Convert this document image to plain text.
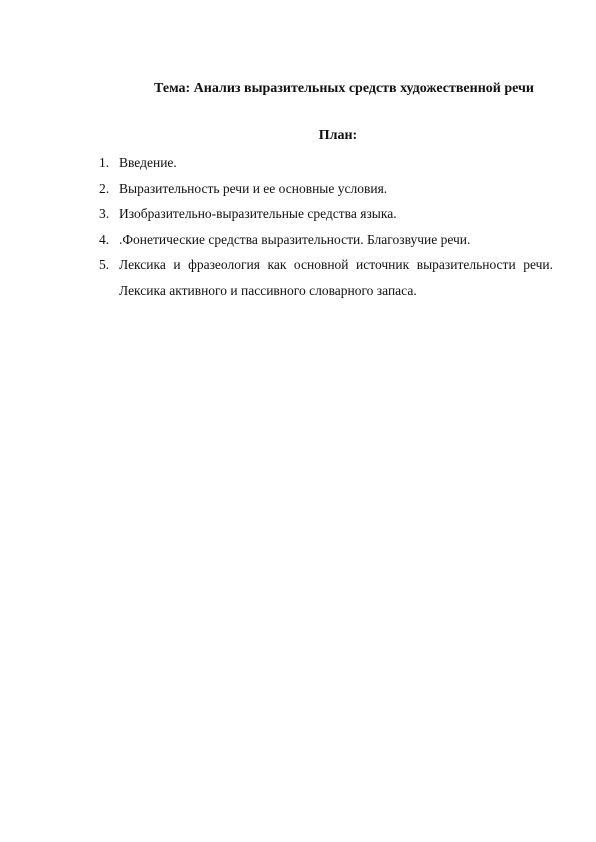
Тема: Анализ выразительных средств художественной речи
План:
1. Введение.
2. Выразительность речи и ее основные условия.
3. Изобразительно-выразительные средства языка.
4. .Фонетические средства выразительности. Благозвучие речи.
5. Лексика и фразеология как основной источник выразительности речи. Лексика активного и пассивного словарного запаса.
